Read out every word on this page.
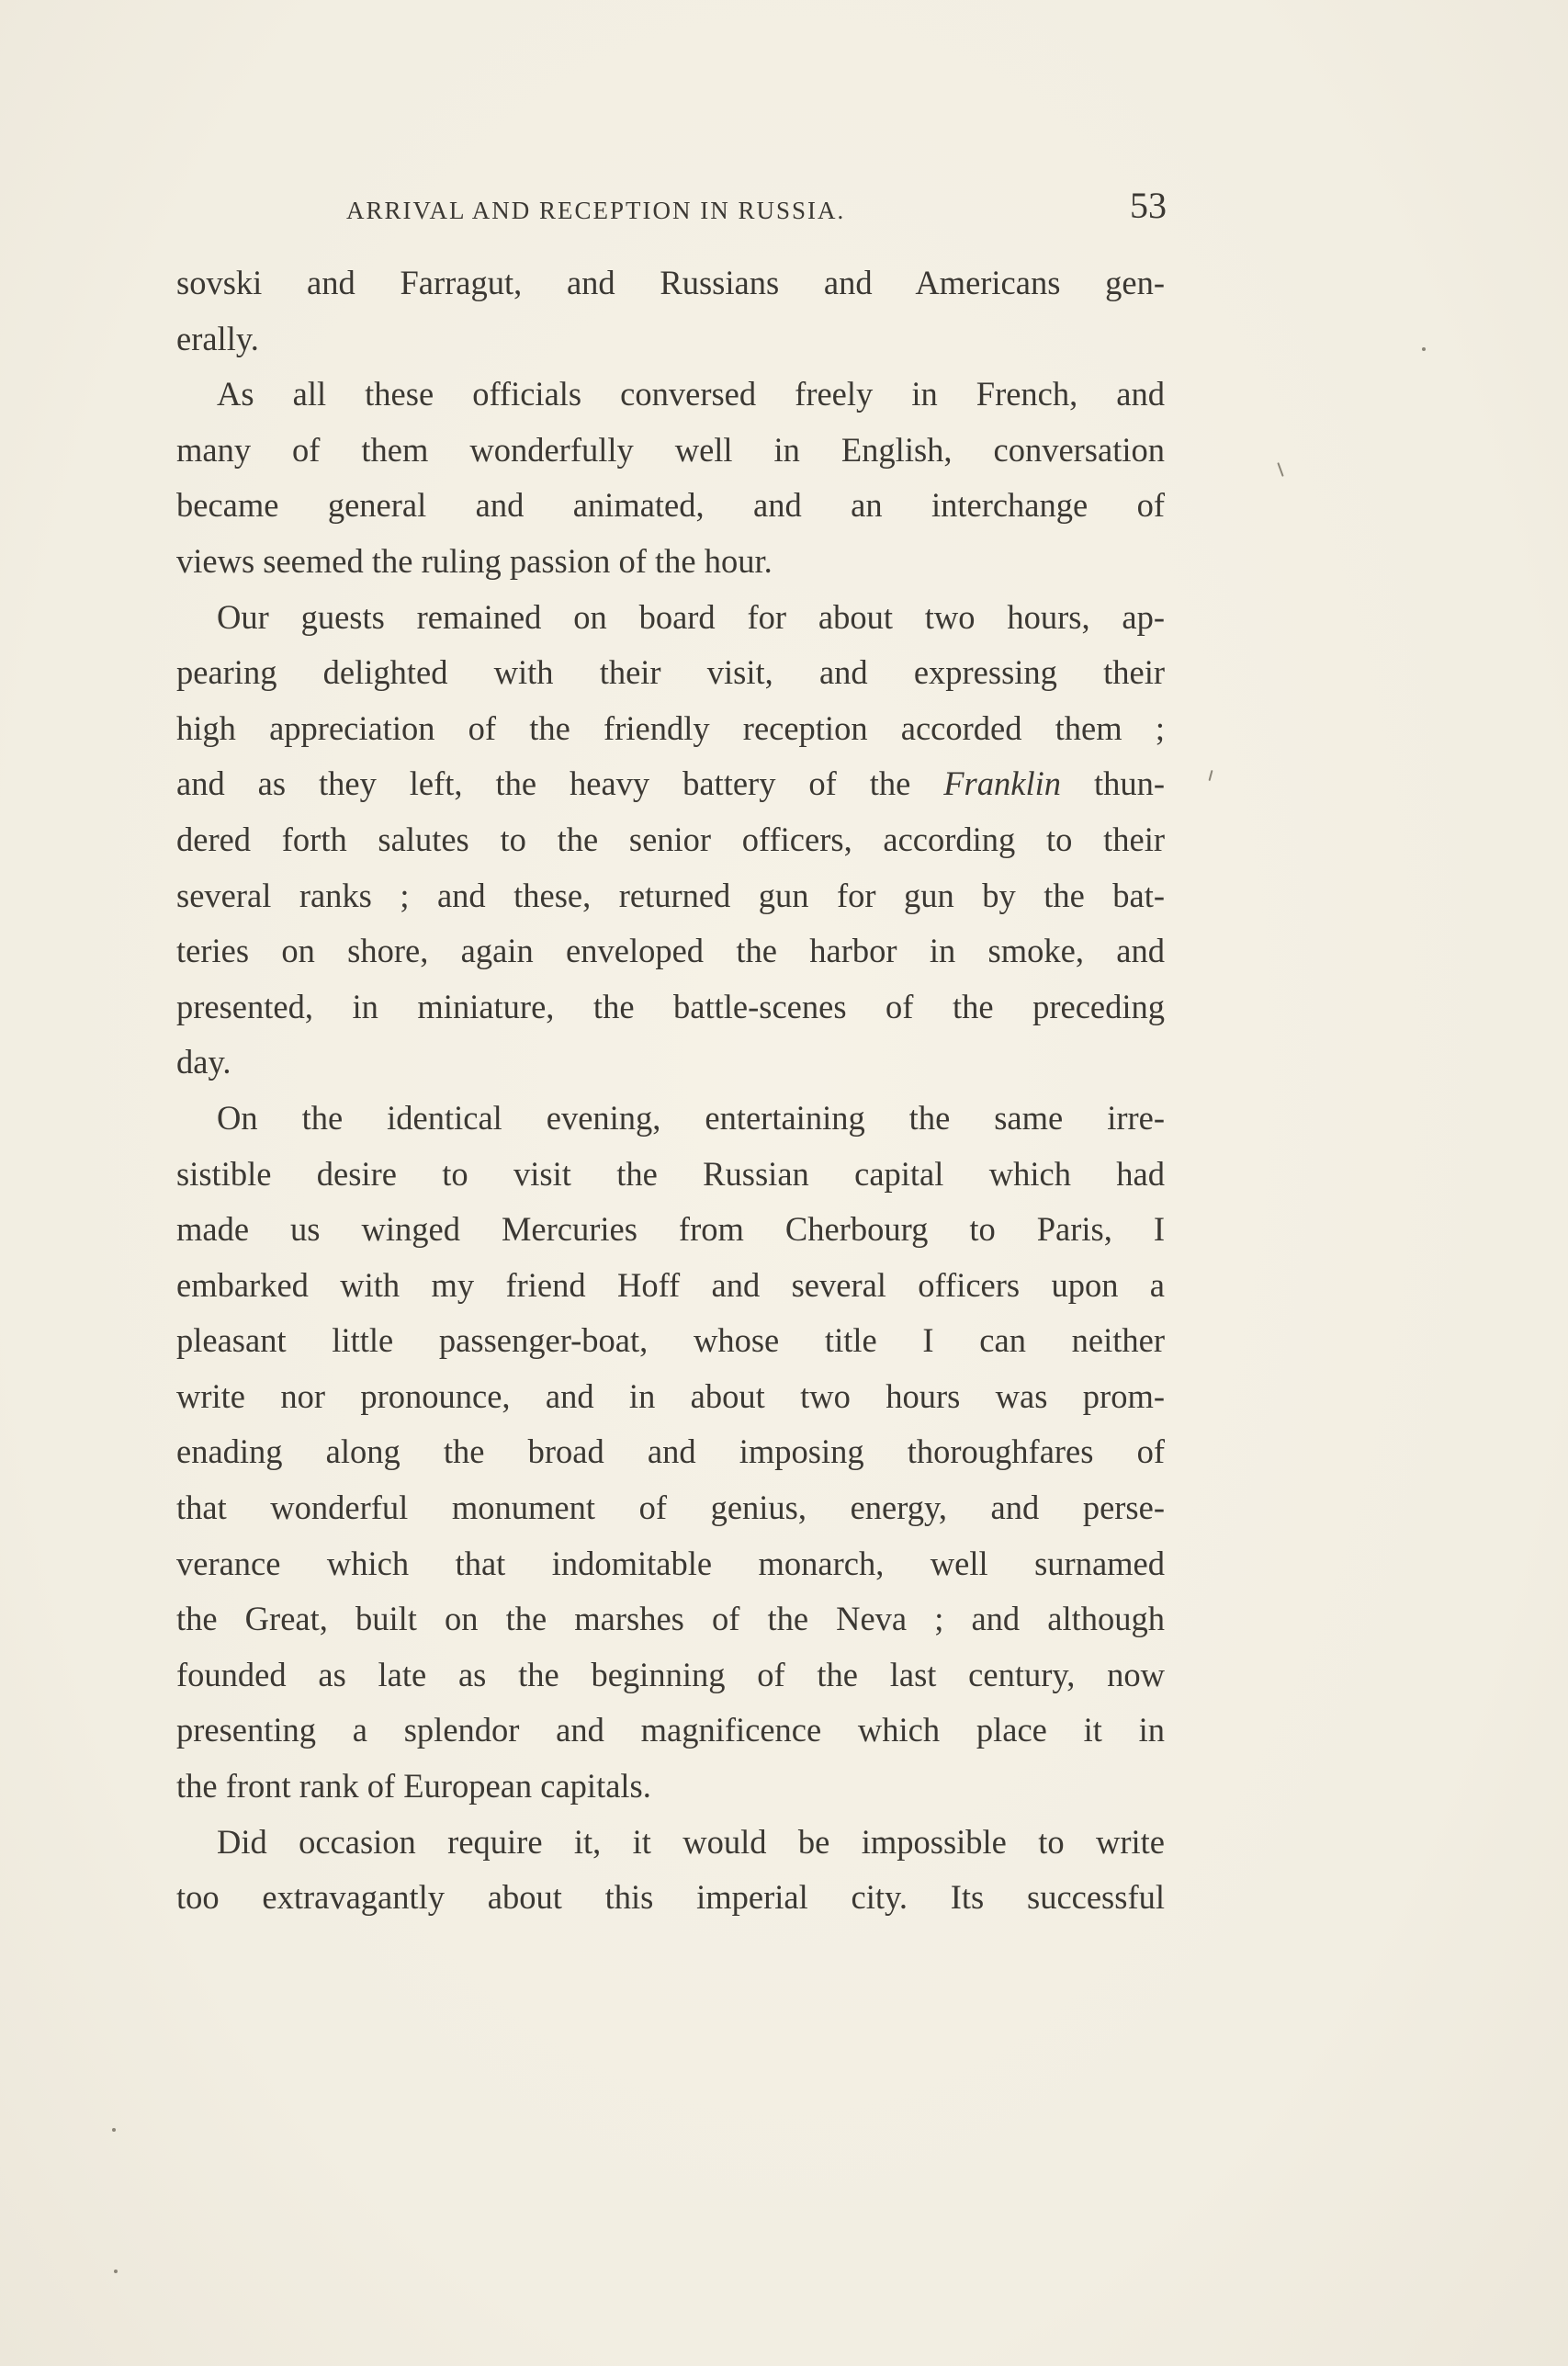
ARRIVAL AND RECEPTION IN RUSSIA.	53
sovski and Farragut, and Russians and Americans gen-
erally.
As all these officials conversed freely in French, and
many of them wonderfully well in English, conversation
became general and animated, and an interchange of
views seemed the ruling passion of the hour.
Our guests remained on board for about two hours, ap-
pearing delighted with their visit, and expressing their
high appreciation of the friendly reception accorded them ;
and as they left, the heavy battery of the Franklin thun-
dered forth salutes to the senior officers, according to their
several ranks ; and these, returned gun for gun by the bat-
teries on shore, again enveloped the harbor in smoke, and
presented, in miniature, the battle-scenes of the preceding
day.
On the identical evening, entertaining the same irre-
sistible desire to visit the Russian capital which had
made us winged Mercuries from Cherbourg to Paris, I
embarked with my friend Hoff and several officers upon a
pleasant little passenger-boat, whose title I can neither
write nor pronounce, and in about two hours was prom-
enading along the broad and imposing thoroughfares of
that wonderful monument of genius, energy, and perse-
verance which that indomitable monarch, well surnamed
the Great, built on the marshes of the Neva ; and although
founded as late as the beginning of the last century, now
presenting a splendor and magnificence which place it in
the front rank of European capitals.
Did occasion require it, it would be impossible to write
too extravagantly about this imperial city. Its successful
